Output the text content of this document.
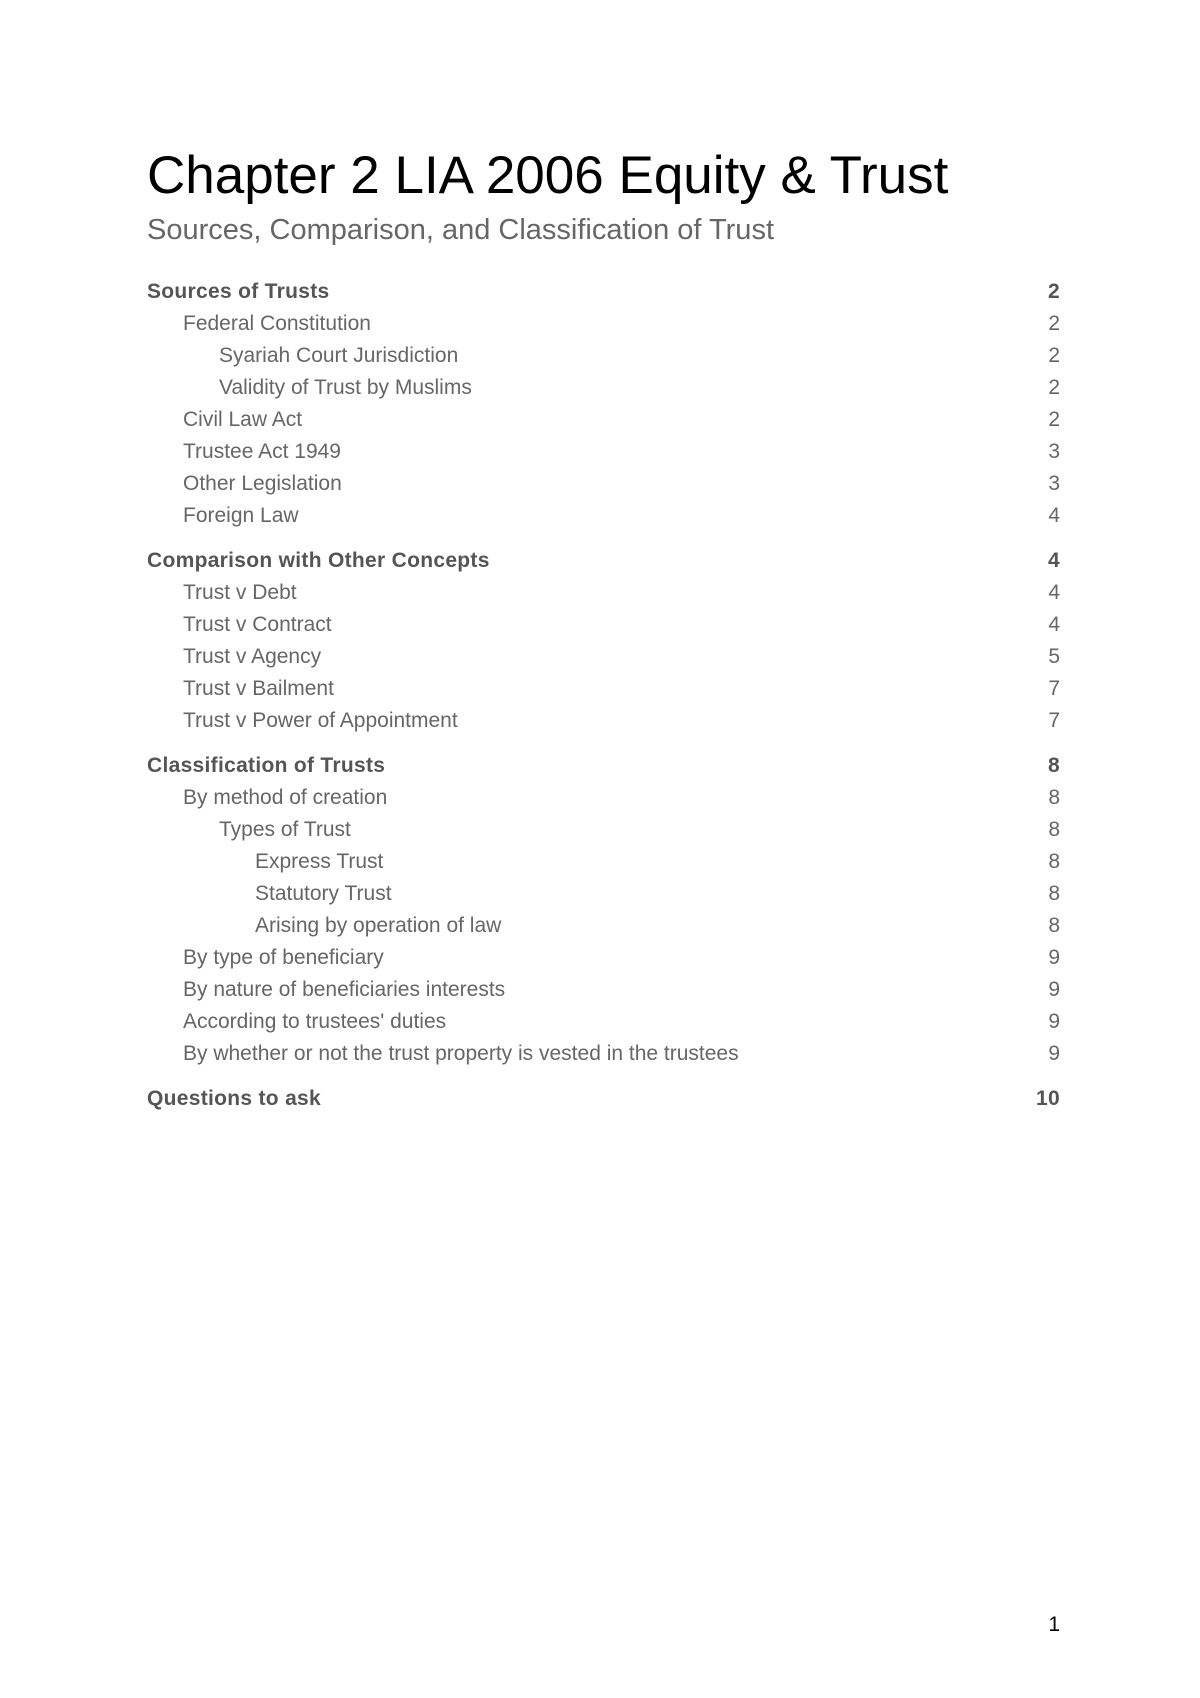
Chapter 2 LIA 2006 Equity & Trust
Sources, Comparison, and Classification of Trust
Sources of Trusts	2
Federal Constitution	2
Syariah Court Jurisdiction	2
Validity of Trust by Muslims	2
Civil Law Act	2
Trustee Act 1949	3
Other Legislation	3
Foreign Law	4
Comparison with Other Concepts	4
Trust v Debt	4
Trust v Contract	4
Trust v Agency	5
Trust v Bailment	7
Trust v Power of Appointment	7
Classification of Trusts	8
By method of creation	8
Types of Trust	8
Express Trust	8
Statutory Trust	8
Arising by operation of law	8
By type of beneficiary	9
By nature of beneficiaries interests	9
According to trustees' duties	9
By whether or not the trust property is vested in the trustees	9
Questions to ask	10
1
